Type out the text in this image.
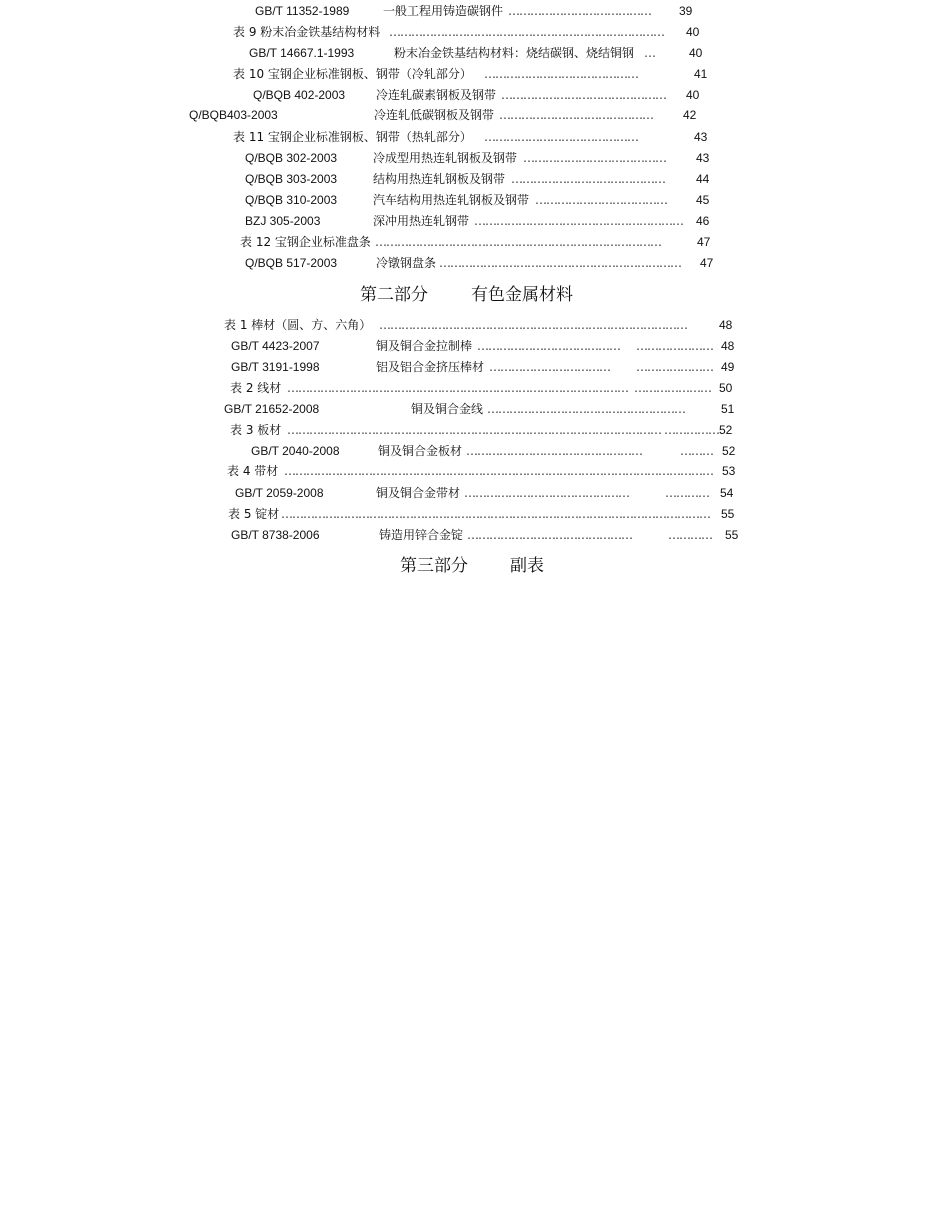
GB/T 11352-1989	一般工程用铸造碳钢件 ………………………………… 39
表 9 粉末冶金铁基结构材料 ………………………………………………………………… 40
GB/T 14667.1-1993	粉末冶金铁基结构材料：烧结碳钢、烧结铜钢 …	40
表 10 宝钢企业标准钢板、钢带（冷轧部分） ……………………………………	41
Q/BQB 402-2003	冷连轧碳素钢板及钢带 ……………………………………… 40
Q/BQB403-2003	冷连轧低碳钢板及钢带 ……………………………………	42
表 11 宝钢企业标准钢板、钢带（热轧部分） ……………………………………	43
Q/BQB 302-2003	冷成型用热连轧钢板及钢带 …………………………………	43
Q/BQB 303-2003	结构用热连轧钢板及钢带 ……………………………………	44
Q/BQB 310-2003	汽车结构用热连轧钢板及钢带 ……………………………… 45
BZJ 305-2003	深冲用热连轧钢带 ………………………………………………… 46
表 12 宝钢企业标准盘条 ……………………………………………………………………	47
Q/BQB 517-2003	冷镦钢盘条 ………………………………………………………… 47
第二部分	有色金属材料
表 1 棒材（圆、方、六角） …………………………………………………………………………	48
GB/T 4423-2007	铜及铜合金拉制棒 ………………………………… ………………… 48
GB/T 3191-1998	铝及铝合金挤压棒材 …………………………… ………………… 49
表 2 线材 ………………………………………………………………………………… ………………… 50
GB/T 21652-2008	铜及铜合金线 ………………………………………………	51
表 3 板材 ………………………………………………………………………………………… …………… 52
GB/T 2040-2008	铜及铜合金板材 …………………………………………	……… 52
表 4 带材 ……………………………………………………………………………………………………… 53
GB/T 2059-2008	铜及铜合金带材 ………………………………………	………… 54
表 5 锭材 ……………………………………………………………………………………………………… 55
GB/T 8738-2006	铸造用锌合金锭 ………………………………………	…………	55
第三部分 副表
